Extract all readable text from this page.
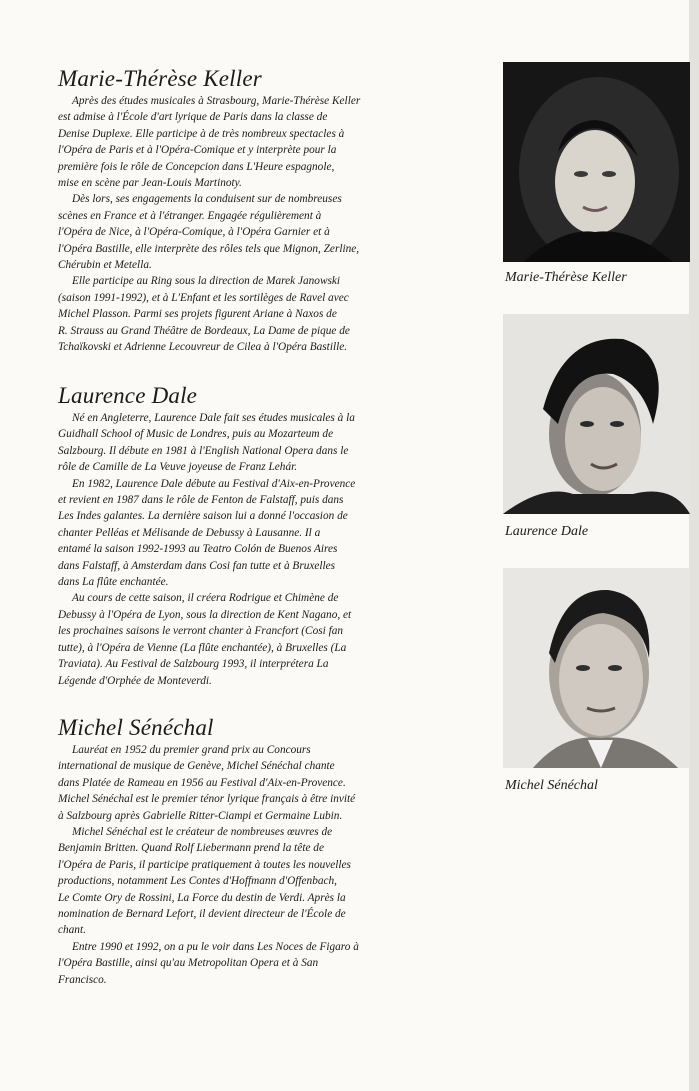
Marie-Thérèse Keller

Après des études musicales à Strasbourg, Marie-Thérèse Keller
est admise à l'École d'art lyrique de Paris dans la classe de
Denise Duplexe. Elle participe à de très nombreux spectacles à
l'Opéra de Paris et à l'Opéra-Comique et y interprète pour la
première fois le rôle de Concepcion dans L'Heure espagnole,
mise en scène par Jean-Louis Martinoty.

Dès lors, ses engagements la conduisent sur de nombreuses
scènes en France et à l'étranger. Engagée régulièrement à
l'Opéra de Nice, à l'Opéra-Comique, à l'Opéra Garnier et à
l'Opéra Bastille, elle interprète des rôles tels que Mignon, Zerline,
Chérubin et Metella.

Elle participe au Ring sous la direction de Marek Janowski
(saison 1991-1992), et à L'Enfant et les sortilèges de Ravel avec
Michel Plasson. Parmi ses projets figurent Ariane à Naxos de
R. Strauss au Grand Théâtre de Bordeaux, La Dame de pique de
Tchaïkovski et Adrienne Lecouvreur de Cilea à l'Opéra Bastille.

Laurence Dale

Né en Angleterre, Laurence Dale fait ses études musicales à la
Guidhall School of Music de Londres, puis au Mozarteum de
Salzbourg. Il débute en 1981 à l'English National Opera dans le
rôle de Camille de La Veuve joyeuse de Franz Lehár.

En 1982, Laurence Dale débute au Festival d'Aix-en-Provence
et revient en 1987 dans le rôle de Fenton de Falstaff, puis dans
Les Indes galantes. La dernière saison lui a donné l'occasion de
chanter Pelléas et Mélisande de Debussy à Lausanne. Il a
entamé la saison 1992-1993 au Teatro Colón de Buenos Aires
dans Falstaff, à Amsterdam dans Cosi fan tutte et à Bruxelles
dans La flûte enchantée.

Au cours de cette saison, il créera Rodrigue et Chimène de
Debussy à l'Opéra de Lyon, sous la direction de Kent Nagano, et
les prochaines saisons le verront chanter à Francfort (Cosi fan
tutte), à l'Opéra de Vienne (La flûte enchantée), à Bruxelles (La
Traviata). Au Festival de Salzbourg 1993, il interprétera La
Légende d'Orphée de Monteverdi.

Michel Sénéchal

Lauréat en 1952 du premier grand prix au Concours
international de musique de Genève, Michel Sénéchal chante
dans Platée de Rameau en 1956 au Festival d'Aix-en-Provence.
Michel Sénéchal est le premier ténor lyrique français à être invité
à Salzbourg après Gabrielle Ritter-Ciampi et Germaine Lubin.

Michel Sénéchal est le créateur de nombreuses œuvres de
Benjamin Britten. Quand Rolf Liebermann prend la tête de
l'Opéra de Paris, il participe pratiquement à toutes les nouvelles
productions, notamment Les Contes d'Hoffmann d'Offenbach,
Le Comte Ory de Rossini, La Force du destin de Verdi. Après la
nomination de Bernard Lefort, il devient directeur de l'École de
chant.

Entre 1990 et 1992, on a pu le voir dans Les Noces de Figaro à
l'Opéra Bastille, ainsi qu'au Metropolitan Opera et à San
Francisco.

Marie-Thérèse Keller
Laurence Dale
Michel Sénéchal
